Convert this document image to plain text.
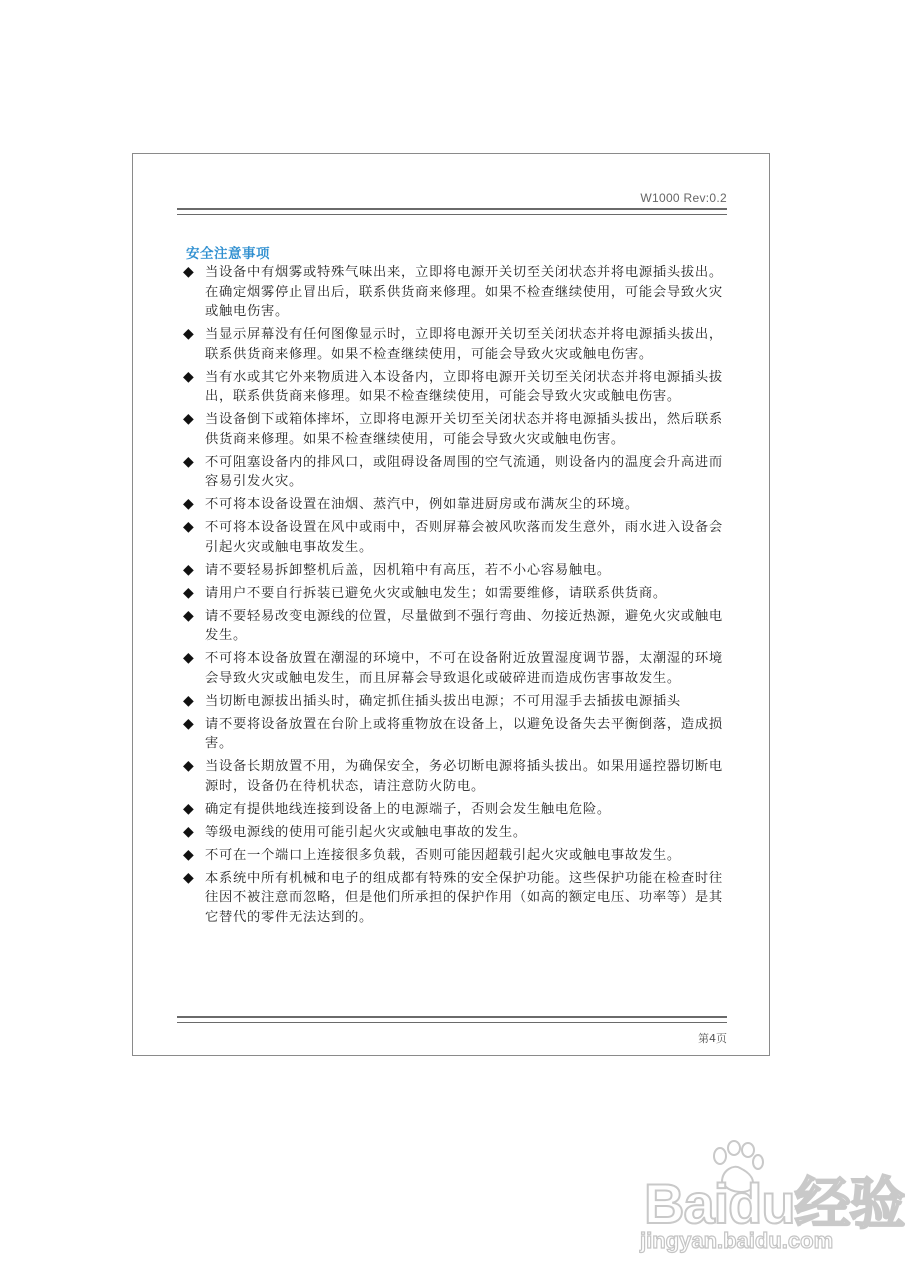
W1000 Rev:0.2
安全注意事项
◆ 当设备中有烟雾或特殊气味出来，立即将电源开关切至关闭状态并将电源插头拔出。在确定烟雾停止冒出后，联系供货商来修理。如果不检查继续使用，可能会导致火灾或触电伤害。
◆ 当显示屏幕没有任何图像显示时，立即将电源开关切至关闭状态并将电源插头拔出，联系供货商来修理。如果不检查继续使用，可能会导致火灾或触电伤害。
◆ 当有水或其它外来物质进入本设备内，立即将电源开关切至关闭状态并将电源插头拔出，联系供货商来修理。如果不检查继续使用，可能会导致火灾或触电伤害。
◆ 当设备倒下或箱体摔坏，立即将电源开关切至关闭状态并将电源插头拔出，然后联系供货商来修理。如果不检查继续使用，可能会导致火灾或触电伤害。
◆ 不可阻塞设备内的排风口，或阻碍设备周围的空气流通，则设备内的温度会升高进而容易引发火灾。
◆ 不可将本设备设置在油烟、蒸汽中，例如靠进厨房或布满灰尘的环境。
◆ 不可将本设备设置在风中或雨中，否则屏幕会被风吹落而发生意外，雨水进入设备会引起火灾或触电事故发生。
◆ 请不要轻易拆卸整机后盖，因机箱中有高压，若不小心容易触电。
◆ 请用户不要自行拆装已避免火灾或触电发生；如需要维修，请联系供货商。
◆ 请不要轻易改变电源线的位置，尽量做到不强行弯曲、勿接近热源，避免火灾或触电发生。
◆ 不可将本设备放置在潮湿的环境中，不可在设备附近放置湿度调节器，太潮湿的环境会导致火灾或触电发生，而且屏幕会导致退化或破碎进而造成伤害事故发生。
◆ 当切断电源拔出插头时，确定抓住插头拔出电源；不可用湿手去插拔电源插头
◆ 请不要将设备放置在台阶上或将重物放在设备上，以避免设备失去平衡倒落，造成损害。
◆ 当设备长期放置不用，为确保安全，务必切断电源将插头拔出。如果用遥控器切断电源时，设备仍在待机状态，请注意防火防电。
◆ 确定有提供地线连接到设备上的电源端子，否则会发生触电危险。
◆ 等级电源线的使用可能引起火灾或触电事故的发生。
◆ 不可在一个端口上连接很多负载，否则可能因超载引起火灾或触电事故发生。
◆ 本系统中所有机械和电子的组成都有特殊的安全保护功能。这些保护功能在检查时往往因不被注意而忽略，但是他们所承担的保护作用（如高的额定电压、功率等）是其它替代的零件无法达到的。
第4页
Baidu经验
jingyan.baidu.com
